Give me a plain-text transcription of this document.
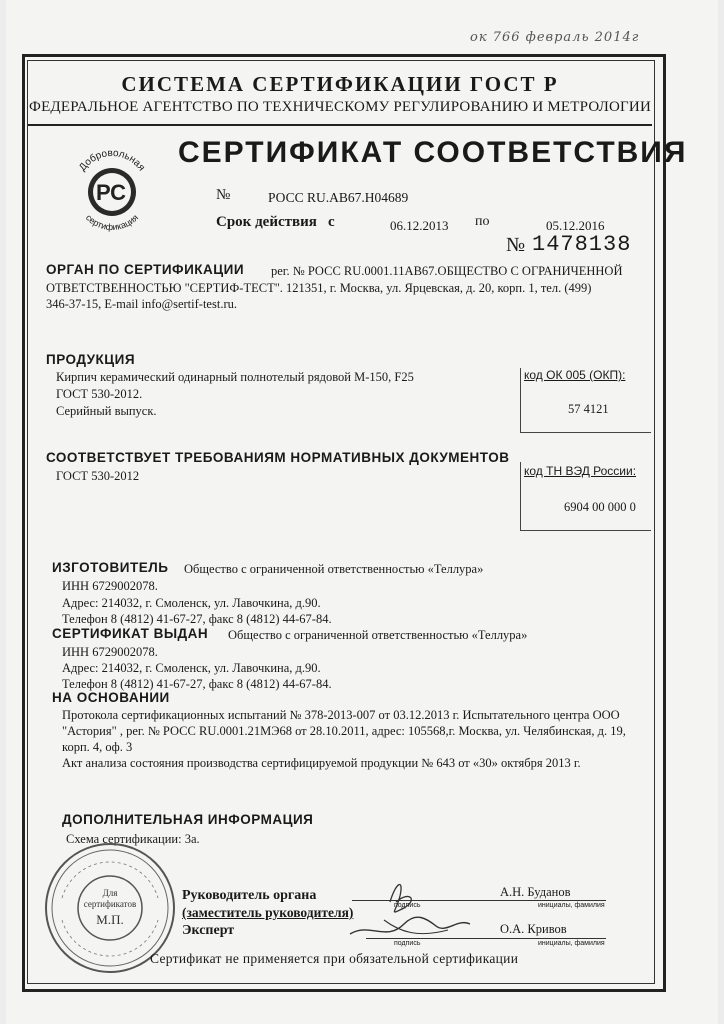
ок 766 февраль 2014г
СИСТЕМА СЕРТИФИКАЦИИ ГОСТ Р
ФЕДЕРАЛЬНОЕ АГЕНТСТВО ПО ТЕХНИЧЕСКОМУ РЕГУЛИРОВАНИЮ И МЕТРОЛОГИИ
Добровольная
сертификация
РС
СЕРТИФИКАТ СООТВЕТСТВИЯ
№	РОСС RU.AB67.H04689
Срок действия с	06.12.2013 по	05.12.2016
№ 1478138
ОРГАН ПО СЕРТИФИКАЦИИ рег. № РОСС RU.0001.11AB67.ОБЩЕСТВО С ОГРАНИЧЕННОЙ
ОТВЕТСТВЕННОСТЬЮ "СЕРТИФ-ТЕСТ". 121351, г. Москва, ул. Ярцевская, д. 20, корп. 1, тел. (499)
346-37-15, E-mail info@sertif-test.ru.
ПРОДУКЦИЯ
Кирпич керамический одинарный полнотелый рядовой М-150, F25
ГОСТ 530-2012.
Серийный выпуск.
код ОК 005 (ОКП):
57 4121
СООТВЕТСТВУЕТ ТРЕБОВАНИЯМ НОРМАТИВНЫХ ДОКУМЕНТОВ
ГОСТ 530-2012	код ТН ВЭД России:
6904 00 000 0
ИЗГОТОВИТЕЛЬ Общество с ограниченной ответственностью «Теллура»
ИНН 6729002078.
Адрес: 214032, г. Смоленск, ул. Лавочкина, д.90.
Телефон 8 (4812) 41-67-27, факс 8 (4812) 44-67-84.
СЕРТИФИКАТ ВЫДАН Общество с ограниченной ответственностью «Теллура»
ИНН 6729002078.
Адрес: 214032, г. Смоленск, ул. Лавочкина, д.90.
Телефон 8 (4812) 41-67-27, факс 8 (4812) 44-67-84.
НА ОСНОВАНИИ
Протокола сертификационных испытаний № 378-2013-007 от 03.12.2013 г. Испытательного центра ООО
"Астория" , рег. № РОСС RU.0001.21МЭ68 от 28.10.2011, адрес: 105568,г. Москва, ул. Челябинская, д. 19,
корп. 4, оф. 3
Акт анализа состояния производства сертифицируемой продукции № 643 от «30» октября 2013 г.
ДОПОЛНИТЕЛЬНАЯ ИНФОРМАЦИЯ
Схема сертификации: 3а.
Для
сертификатов
М.П.
Руководитель органа
(заместитель руководителя)
Эксперт
подпись
подпись
А.Н. Буданов
О.А. Кривов
инициалы, фамилия
инициалы, фамилия
Сертификат не применяется при обязательной сертификации
